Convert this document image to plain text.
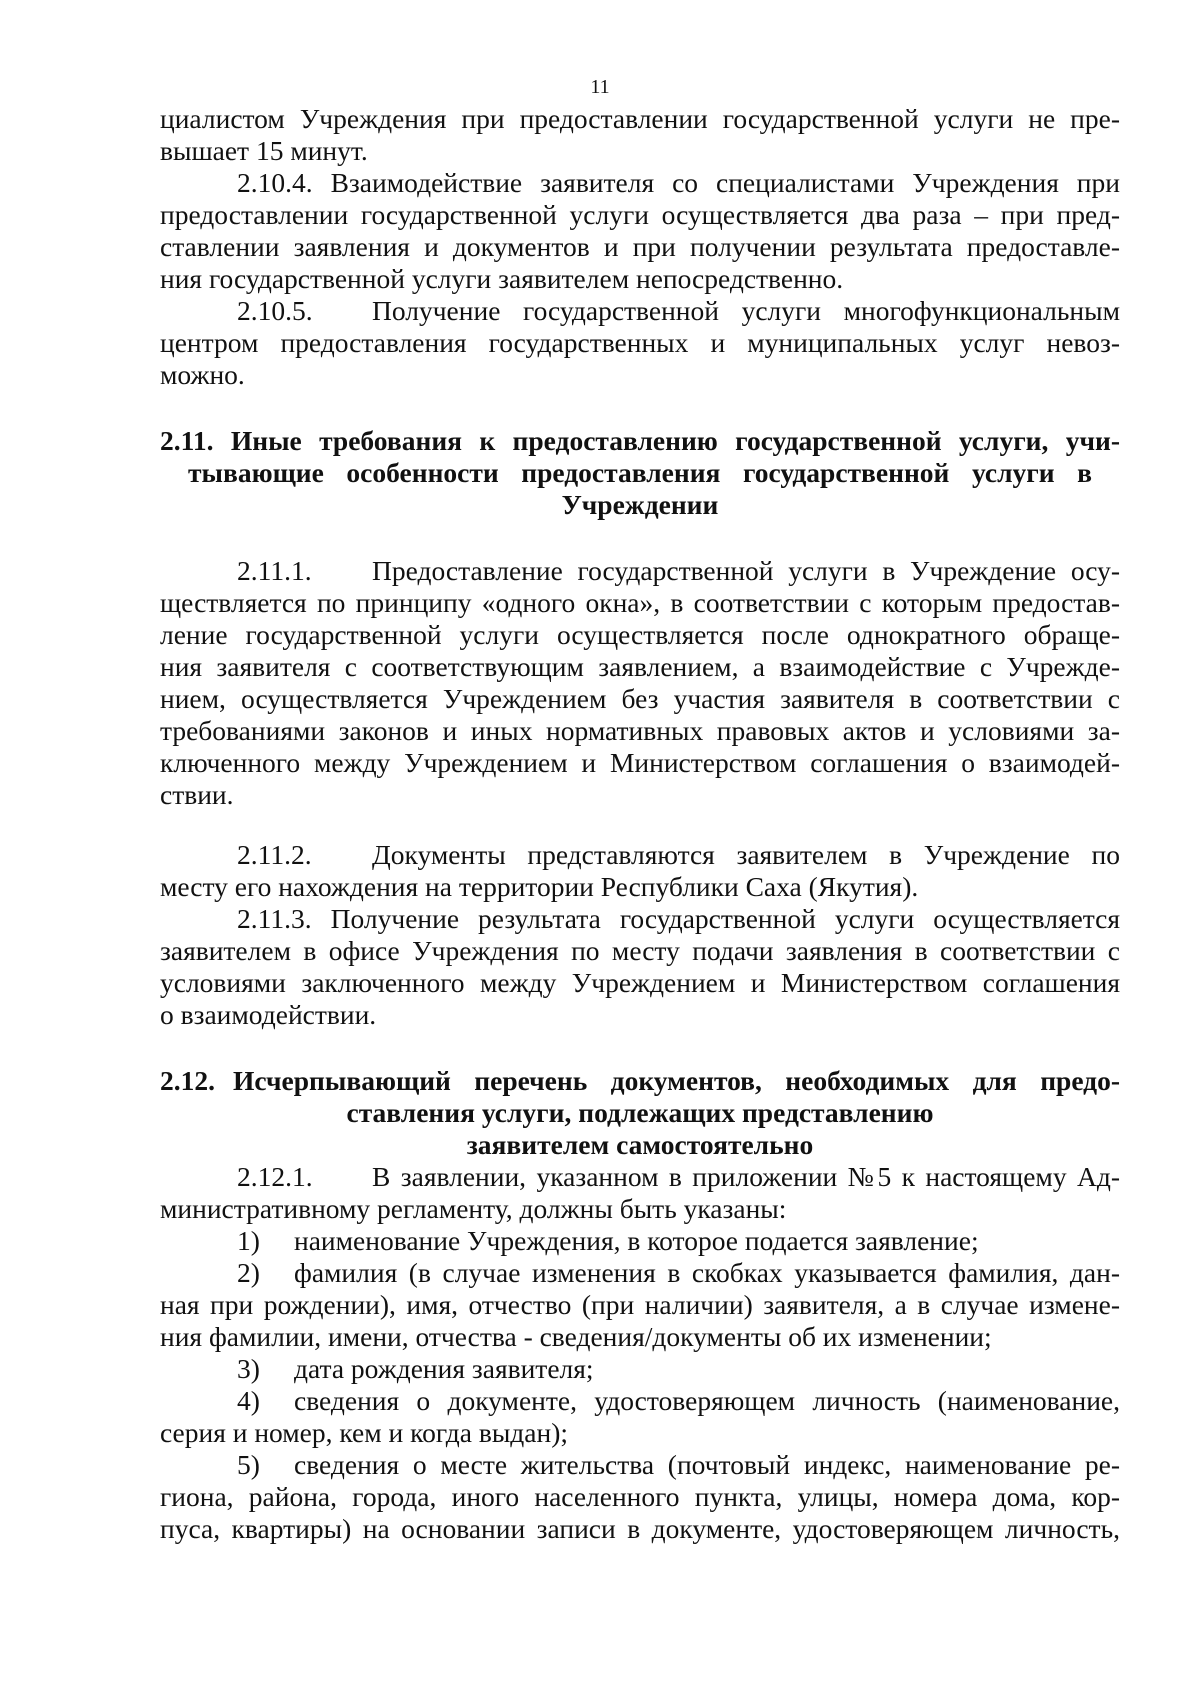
11
циалистом Учреждения при предоставлении государственной услуги не пре-
вышает 15 минут.
2.10.4. Взаимодействие заявителя со специалистами Учреждения при
предоставлении государственной услуги осуществляется два раза – при пред-
ставлении заявления и документов и при получении результата предоставле-
ния государственной услуги заявителем непосредственно.
2.10.5. Получение государственной услуги многофункциональным
центром предоставления государственных и муниципальных услуг невоз-
можно.
2.11. Иные требования к предоставлению государственной услуги, учи-
тывающие особенности предоставления государственной услуги в
Учреждении
2.11.1. Предоставление государственной услуги в Учреждение осу-
ществляется по принципу «одного окна», в соответствии с которым предостав-
ление государственной услуги осуществляется после однократного обраще-
ния заявителя с соответствующим заявлением, а взаимодействие с Учрежде-
нием, осуществляется Учреждением без участия заявителя в соответствии с
требованиями законов и иных нормативных правовых актов и условиями за-
ключенного между Учреждением и Министерством соглашения о взаимодей-
ствии.
2.11.2. Документы представляются заявителем в Учреждение по
месту его нахождения на территории Республики Саха (Якутия).
2.11.3. Получение результата государственной услуги осуществляется
заявителем в офисе Учреждения по месту подачи заявления в соответствии с
условиями заключенного между Учреждением и Министерством соглашения
о взаимодействии.
2.12. Исчерпывающий перечень документов, необходимых для предо-
ставления услуги, подлежащих представлению
заявителем самостоятельно
2.12.1. В заявлении, указанном в приложении №5 к настоящему Ад-
министративному регламенту, должны быть указаны:
1) наименование Учреждения, в которое подается заявление;
2) фамилия (в случае изменения в скобках указывается фамилия, дан-
ная при рождении), имя, отчество (при наличии) заявителя, а в случае измене-
ния фамилии, имени, отчества - сведения/документы об их изменении;
3) дата рождения заявителя;
4) сведения о документе, удостоверяющем личность (наименование,
серия и номер, кем и когда выдан);
5) сведения о месте жительства (почтовый индекс, наименование ре-
гиона, района, города, иного населенного пункта, улицы, номера дома, кор-
пуса, квартиры) на основании записи в документе, удостоверяющем личность,
